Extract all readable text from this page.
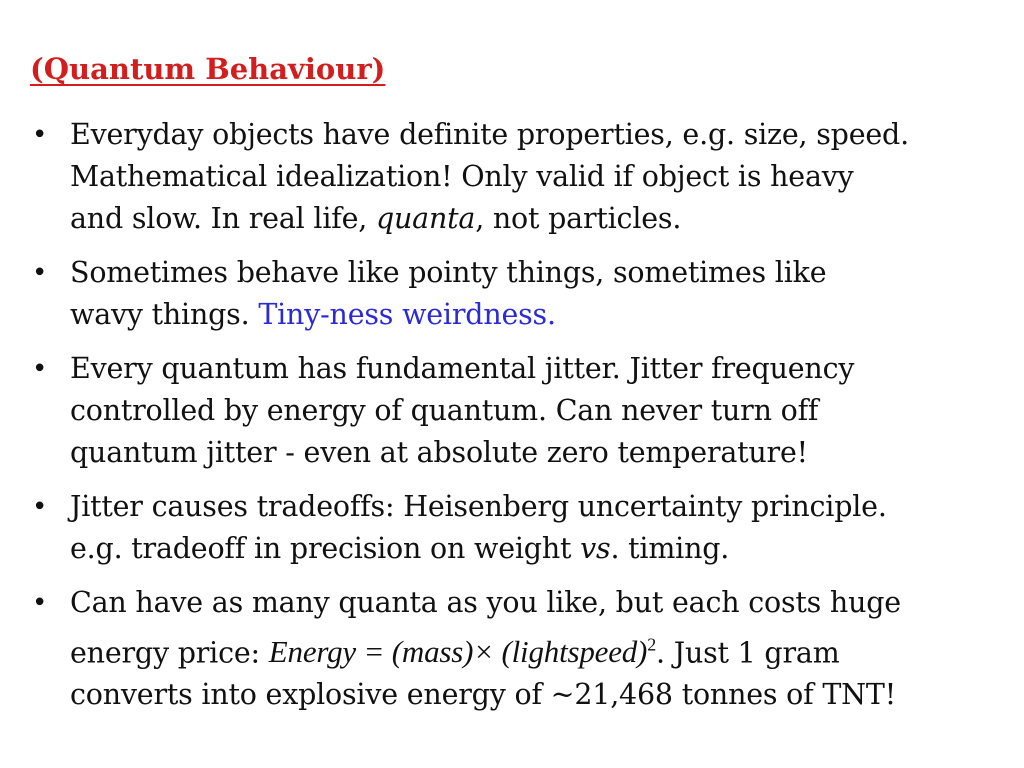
(Quantum Behaviour)
• Everyday objects have definite properties, e.g. size, speed.
Mathematical idealization! Only valid if object is heavy
and slow. In real life, quanta, not particles.
• Sometimes behave like pointy things, sometimes like
wavy things. Tiny-ness weirdness.
• Every quantum has fundamental jitter. Jitter frequency
controlled by energy of quantum. Can never turn off
quantum jitter - even at absolute zero temperature!
• Jitter causes tradeoffs: Heisenberg uncertainty principle.
e.g. tradeoff in precision on weight vs. timing.
• Can have as many quanta as you like, but each costs huge
energy price: Energy = (mass)× (lightspeed)$^2$. Just 1 gram
converts into explosive energy of ~21,468 tonnes of TNT!
